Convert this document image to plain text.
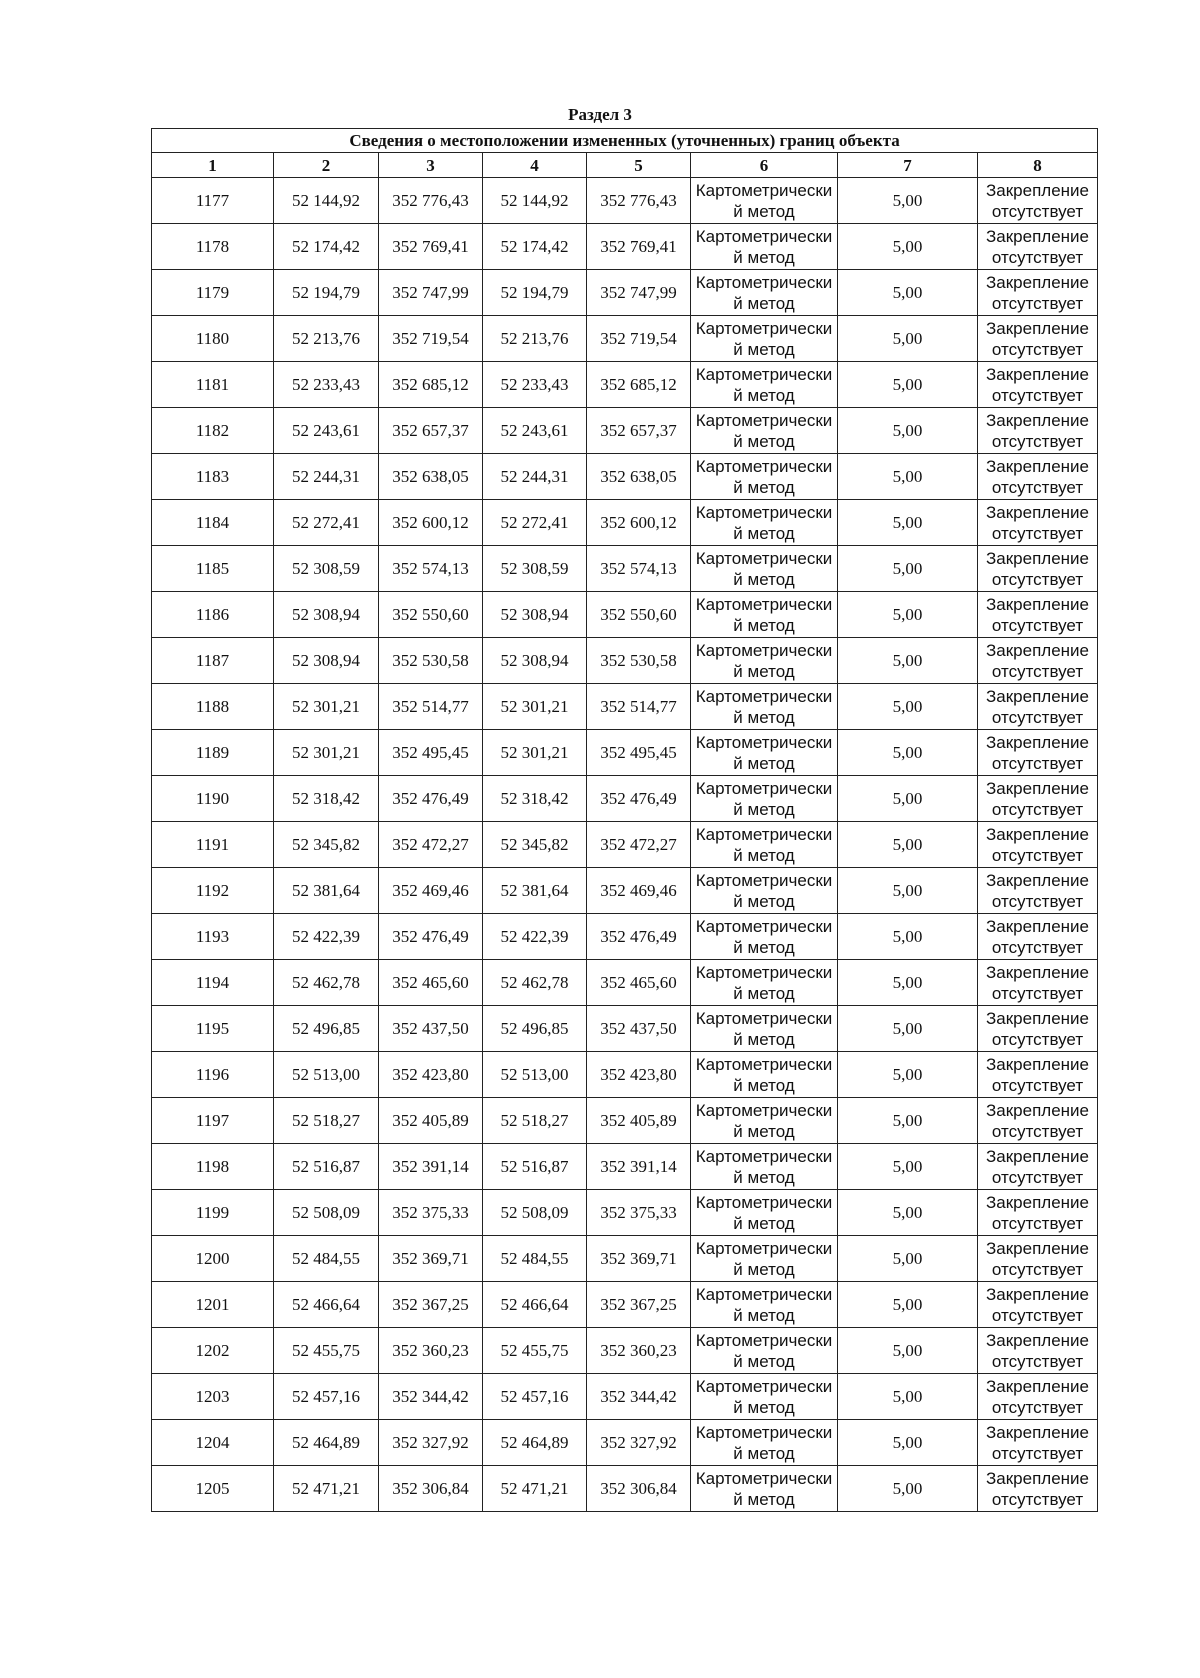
Раздел 3
Сведения о местоположении измененных (уточненных) границ объекта							
1	2	3	4	5	6	7	8
1177	52 144,92	352 776,43	52 144,92	352 776,43	Картометрически й метод	5,00	Закрепление отсутствует
1178	52 174,42	352 769,41	52 174,42	352 769,41	Картометрически й метод	5,00	Закрепление отсутствует
1179	52 194,79	352 747,99	52 194,79	352 747,99	Картометрически й метод	5,00	Закрепление отсутствует
1180	52 213,76	352 719,54	52 213,76	352 719,54	Картометрически й метод	5,00	Закрепление отсутствует
1181	52 233,43	352 685,12	52 233,43	352 685,12	Картометрически й метод	5,00	Закрепление отсутствует
1182	52 243,61	352 657,37	52 243,61	352 657,37	Картометрически й метод	5,00	Закрепление отсутствует
1183	52 244,31	352 638,05	52 244,31	352 638,05	Картометрически й метод	5,00	Закрепление отсутствует
1184	52 272,41	352 600,12	52 272,41	352 600,12	Картометрически й метод	5,00	Закрепление отсутствует
1185	52 308,59	352 574,13	52 308,59	352 574,13	Картометрически й метод	5,00	Закрепление отсутствует
1186	52 308,94	352 550,60	52 308,94	352 550,60	Картометрически й метод	5,00	Закрепление отсутствует
1187	52 308,94	352 530,58	52 308,94	352 530,58	Картометрически й метод	5,00	Закрепление отсутствует
1188	52 301,21	352 514,77	52 301,21	352 514,77	Картометрически й метод	5,00	Закрепление отсутствует
1189	52 301,21	352 495,45	52 301,21	352 495,45	Картометрически й метод	5,00	Закрепление отсутствует
1190	52 318,42	352 476,49	52 318,42	352 476,49	Картометрически й метод	5,00	Закрепление отсутствует
1191	52 345,82	352 472,27	52 345,82	352 472,27	Картометрически й метод	5,00	Закрепление отсутствует
1192	52 381,64	352 469,46	52 381,64	352 469,46	Картометрически й метод	5,00	Закрепление отсутствует
1193	52 422,39	352 476,49	52 422,39	352 476,49	Картометрически й метод	5,00	Закрепление отсутствует
1194	52 462,78	352 465,60	52 462,78	352 465,60	Картометрически й метод	5,00	Закрепление отсутствует
1195	52 496,85	352 437,50	52 496,85	352 437,50	Картометрически й метод	5,00	Закрепление отсутствует
1196	52 513,00	352 423,80	52 513,00	352 423,80	Картометрически й метод	5,00	Закрепление отсутствует
1197	52 518,27	352 405,89	52 518,27	352 405,89	Картометрически й метод	5,00	Закрепление отсутствует
1198	52 516,87	352 391,14	52 516,87	352 391,14	Картометрически й метод	5,00	Закрепление отсутствует
1199	52 508,09	352 375,33	52 508,09	352 375,33	Картометрически й метод	5,00	Закрепление отсутствует
1200	52 484,55	352 369,71	52 484,55	352 369,71	Картометрически й метод	5,00	Закрепление отсутствует
1201	52 466,64	352 367,25	52 466,64	352 367,25	Картометрически й метод	5,00	Закрепление отсутствует
1202	52 455,75	352 360,23	52 455,75	352 360,23	Картометрически й метод	5,00	Закрепление отсутствует
1203	52 457,16	352 344,42	52 457,16	352 344,42	Картометрически й метод	5,00	Закрепление отсутствует
1204	52 464,89	352 327,92	52 464,89	352 327,92	Картометрически й метод	5,00	Закрепление отсутствует
1205	52 471,21	352 306,84	52 471,21	352 306,84	Картометрически й метод	5,00	Закрепление отсутствует
